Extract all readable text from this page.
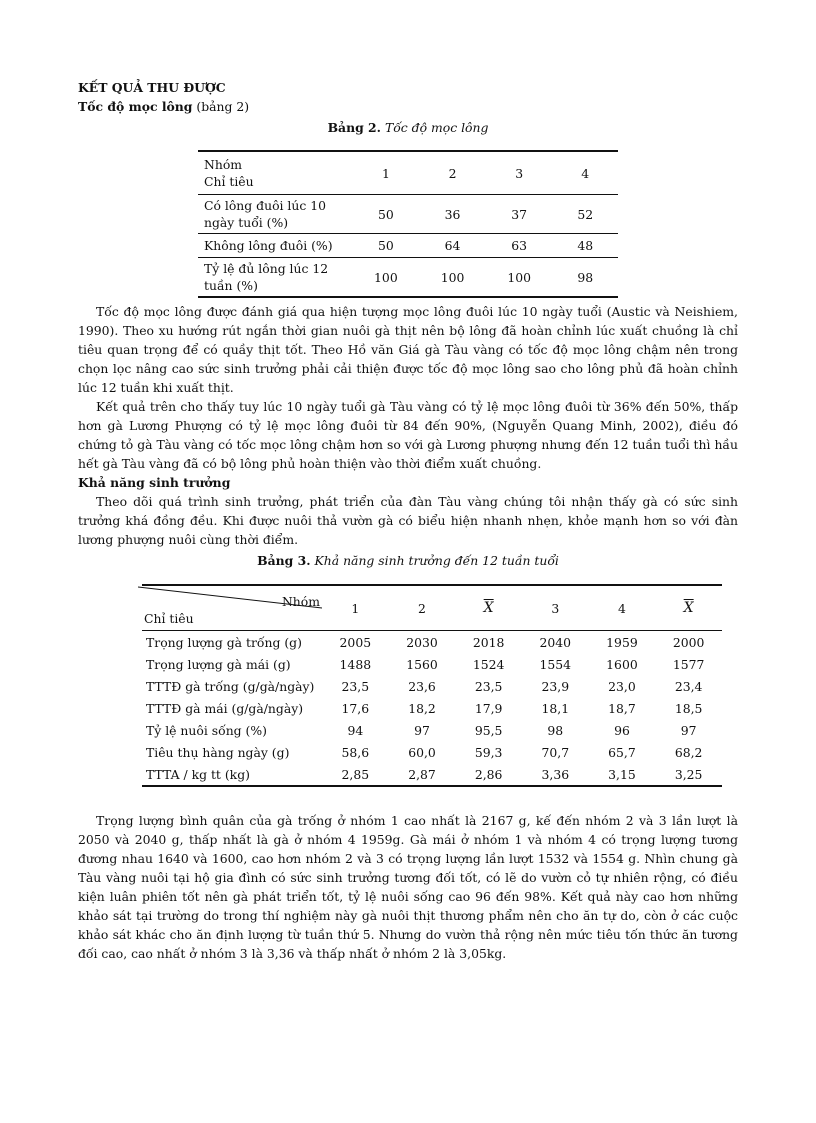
KẾT QUẢ THU ĐƯỢC
Tốc độ mọc lông (bảng 2)
Bảng 2. Tốc độ mọc lông
Nhóm
Chỉ tiêu	1	2	3	4
Có lông đuôi lúc 10 ngày tuổi (%)	50	36	37	52
Không lông đuôi (%)	50	64	63	48
Tỷ lệ đủ lông lúc 12 tuần (%)	100	100	100	98

Tốc độ mọc lông được đánh giá qua hiện tượng mọc lông đuôi lúc 10 ngày tuổi (Austic và Neishiem, 1990). Theo xu hướng rút ngắn thời gian nuôi gà thịt nên bộ lông đã hoàn chỉnh lúc xuất chuồng là chỉ tiêu quan trọng để có quầy thịt tốt. Theo Hồ văn Giá gà Tàu vàng có tốc độ mọc lông chậm nên trong chọn lọc nâng cao sức sinh trưởng phải cải thiện được tốc độ mọc lông sao cho lông phủ đã hoàn chỉnh lúc 12 tuần khi xuất thịt.

Kết quả trên cho thấy tuy lúc 10 ngày tuổi gà Tàu vàng có tỷ lệ mọc lông đuôi từ 36% đến 50%, thấp hơn gà Lương Phượng có tỷ lệ mọc lông đuôi từ 84 đến 90%, (Nguyễn Quang Minh, 2002), điều đó chứng tỏ gà Tàu vàng có tốc mọc lông chậm hơn so với gà Lương phượng nhưng đến 12 tuần tuổi thì hầu hết gà Tàu vàng đã có bộ lông phủ hoàn thiện vào thời điểm xuất chuồng.

Khả năng sinh trưởng

Theo dõi quá trình sinh trưởng, phát triển của đàn Tàu vàng chúng tôi nhận thấy gà có sức sinh trưởng khá đồng đều. Khi được nuôi thả vườn gà có biểu hiện nhanh nhẹn, khỏe mạnh hơn so với đàn lương phượng nuôi cùng thời điểm.

Bảng 3. Khả năng sinh trưởng đến 12 tuần tuổi
Nhóm
Chỉ tiêu	1	2	$\overline{X}$	3	4	$\overline{X}$
Trọng lượng gà trống (g)	2005	2030	2018	2040	1959	2000
Trọng lượng gà mái (g)	1488	1560	1524	1554	1600	1577
TTTĐ gà trống (g/gà/ngày)	23,5	23,6	23,5	23,9	23,0	23,4
TTTĐ gà mái (g/gà/ngày)	17,6	18,2	17,9	18,1	18,7	18,5
Tỷ lệ nuôi sống (%)	94	97	95,5	98	96	97
Tiêu thụ hàng ngày (g)	58,6	60,0	59,3	70,7	65,7	68,2
TTTA / kg tt (kg)	2,85	2,87	2,86	3,36	3,15	3,25

Trọng lượng bình quân của gà trống ở nhóm 1 cao nhất là 2167 g, kế đến nhóm 2 và 3 lần lượt là 2050 và 2040 g, thấp nhất là gà ở nhóm 4 1959g. Gà mái ở nhóm 1 và nhóm 4 có trọng lượng tương đương nhau 1640 và 1600, cao hơn nhóm 2 và 3 có trọng lượng lần lượt 1532 và 1554 g. Nhìn chung gà Tàu vàng nuôi tại hộ gia đình có sức sinh trưởng tương đối tốt, có lẽ do vườn cỏ tự nhiên rộng, có điều kiện luân phiên tốt nên gà phát triển tốt, tỷ lệ nuôi sống cao 96 đến 98%. Kết quả này cao hơn những khảo sát tại trường do trong thí nghiệm này gà nuôi thịt thương phẩm nên cho ăn tự do, còn ở các cuộc khảo sát khác cho ăn định lượng từ tuần thứ 5. Nhưng do vườn thả rộng nên mức tiêu tốn thức ăn tương đối cao, cao nhất ở nhóm 3 là 3,36 và thấp nhất ở nhóm 2 là 3,05kg.
